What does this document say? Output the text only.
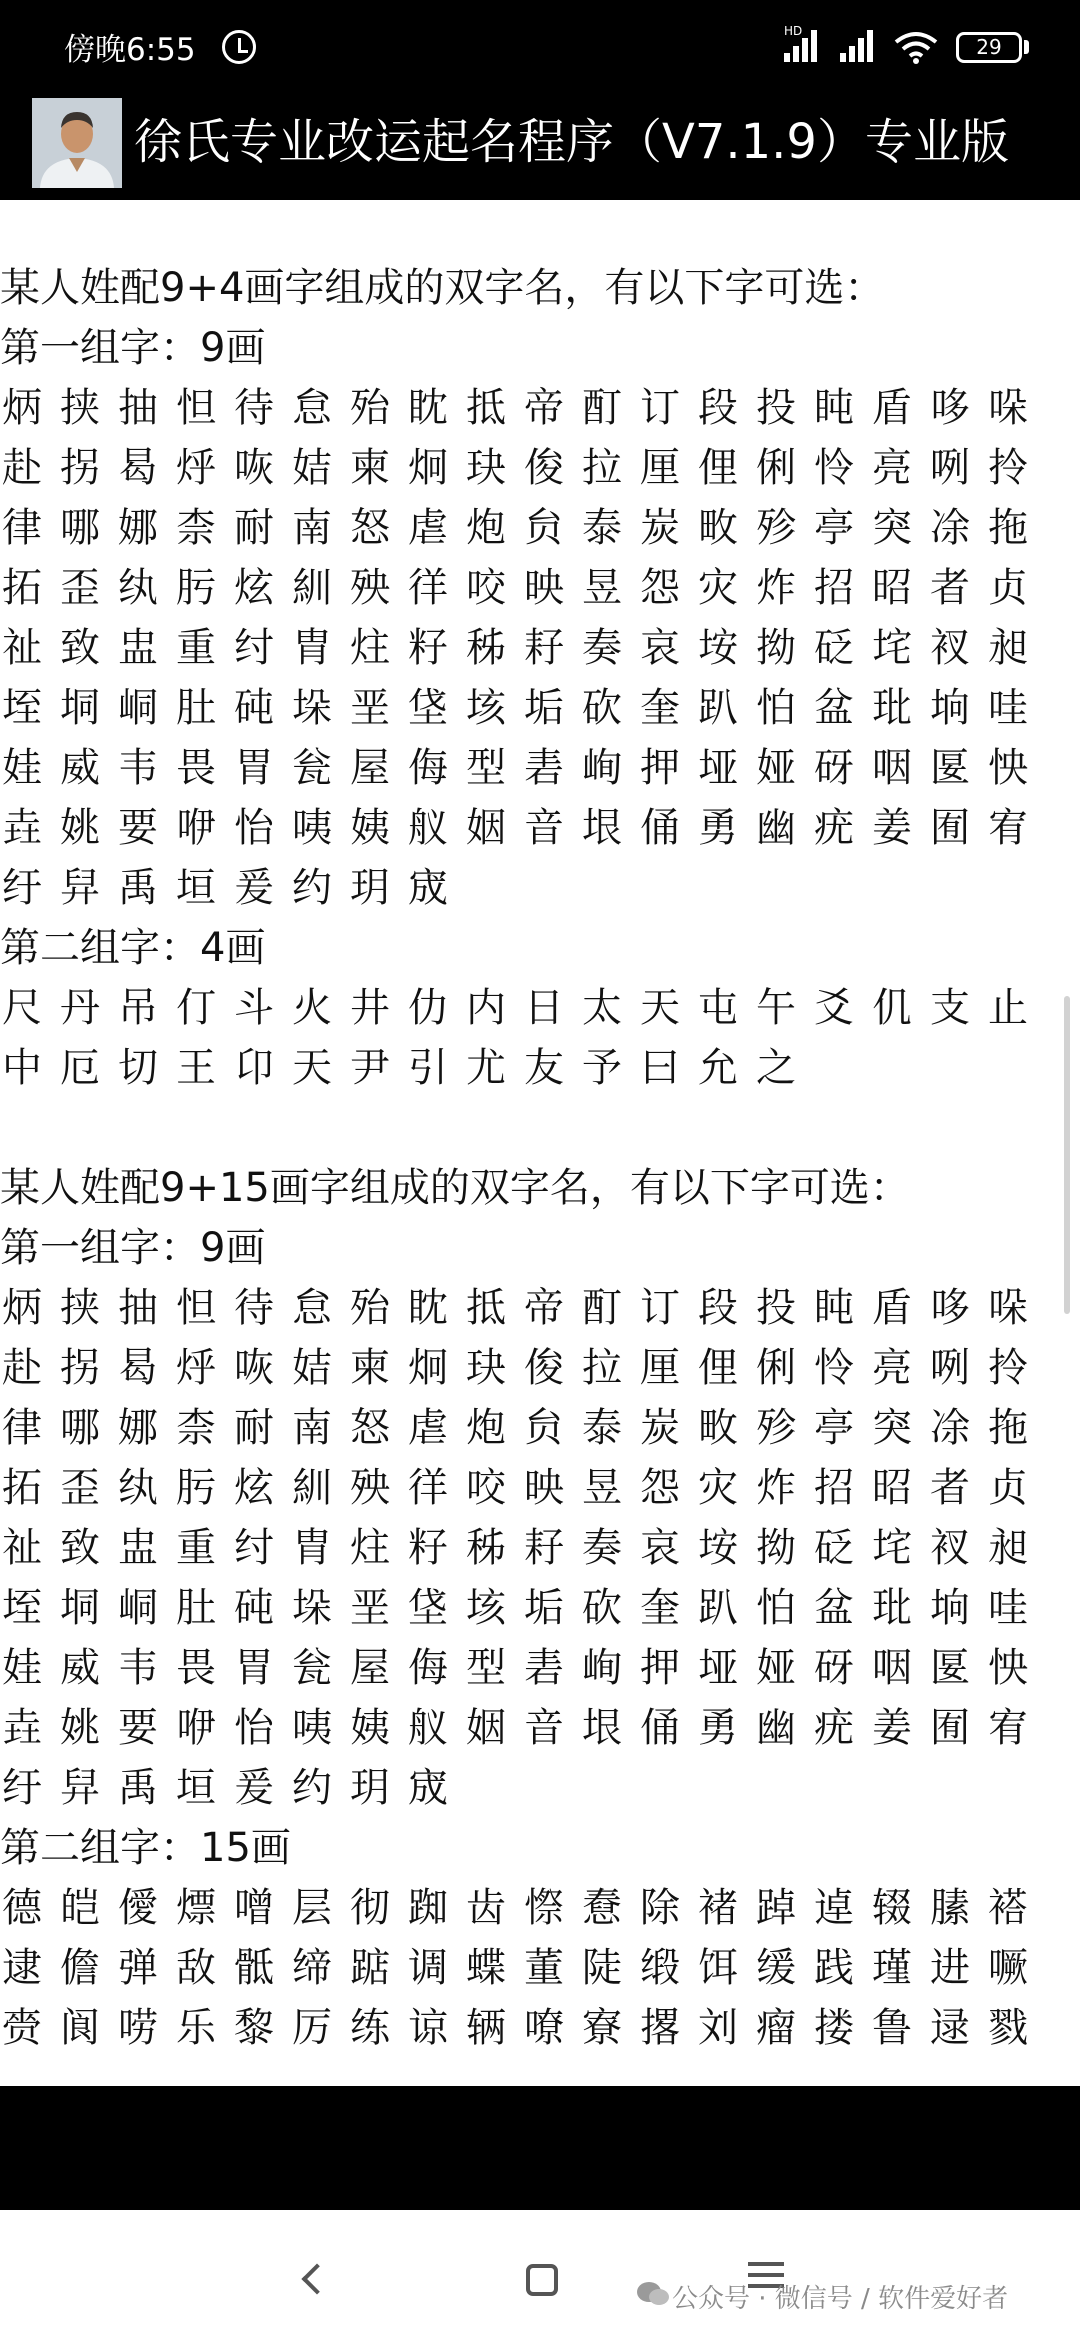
傍晚6:55
HD
29
徐氏专业改运起名程序（V7.1.9）专业版
某人姓配9+4画字组成的双字名，有以下字可选：
第一组字：9画
炳挟抽怛待怠殆眈抵帝酊订段投盹盾哆哚
赴拐曷烀咴姞柬炯玦俊拉厘俚俐怜亮咧拎
律哪娜柰耐南怒虐炮贠泰炭畋殄亭突凃拖
拓歪纨肟炫紃殃徉咬映昱怨灾炸招昭者贞
祉致盅重纣胄炷籽秭耔奏哀垵拗砭垞衩昶
垤垌峒肚砘垛垩垡垓垢砍奎趴怕盆玭垧哇
娃威韦畏胃瓮屋侮型砉峋押垭娅砑咽匽怏
垚姚要咿怡咦姨舣姻音垠俑勇幽疣姜囿宥
纡舁禹垣爰约玥宬
第二组字：4画
尺丹吊仃斗火井仂内日太天屯午爻仉支止
中厄切王卬天尹引尤友予曰允之
某人姓配9+15画字组成的双字名，有以下字可选：
第一组字：9画
炳挟抽怛待怠殆眈抵帝酊订段投盹盾哆哚
赴拐曷烀咴姞柬炯玦俊拉厘俚俐怜亮咧拎
律哪娜柰耐南怒虐炮贠泰炭畋殄亭突凃拖
拓歪纨肟炫紃殃徉咬映昱怨灾炸招昭者贞
祉致盅重纣胄炷籽秭耔奏哀垵拗砭垞衩昶
垤垌峒肚砘垛垩垡垓垢砍奎趴怕盆玭垧哇
娃威韦畏胃瓮屋侮型砉峋押垭娅砑咽匽怏
垚姚要咿怡咦姨舣姻音垠俑勇幽疣姜囿宥
纡舁禹垣爰约玥宬
第二组字：15画
德皑僾熛噌层彻踟齿憏憃除褚踔逴辍膆褡
逮儋弹敌骶缔踮调蝶董陡缎饵缓践瑾进噘
赍阆唠乐黎厉练谅辆嘹寮撂刘瘤搂鲁逯戮
公众号 · 微信号 / 软件爱好者
